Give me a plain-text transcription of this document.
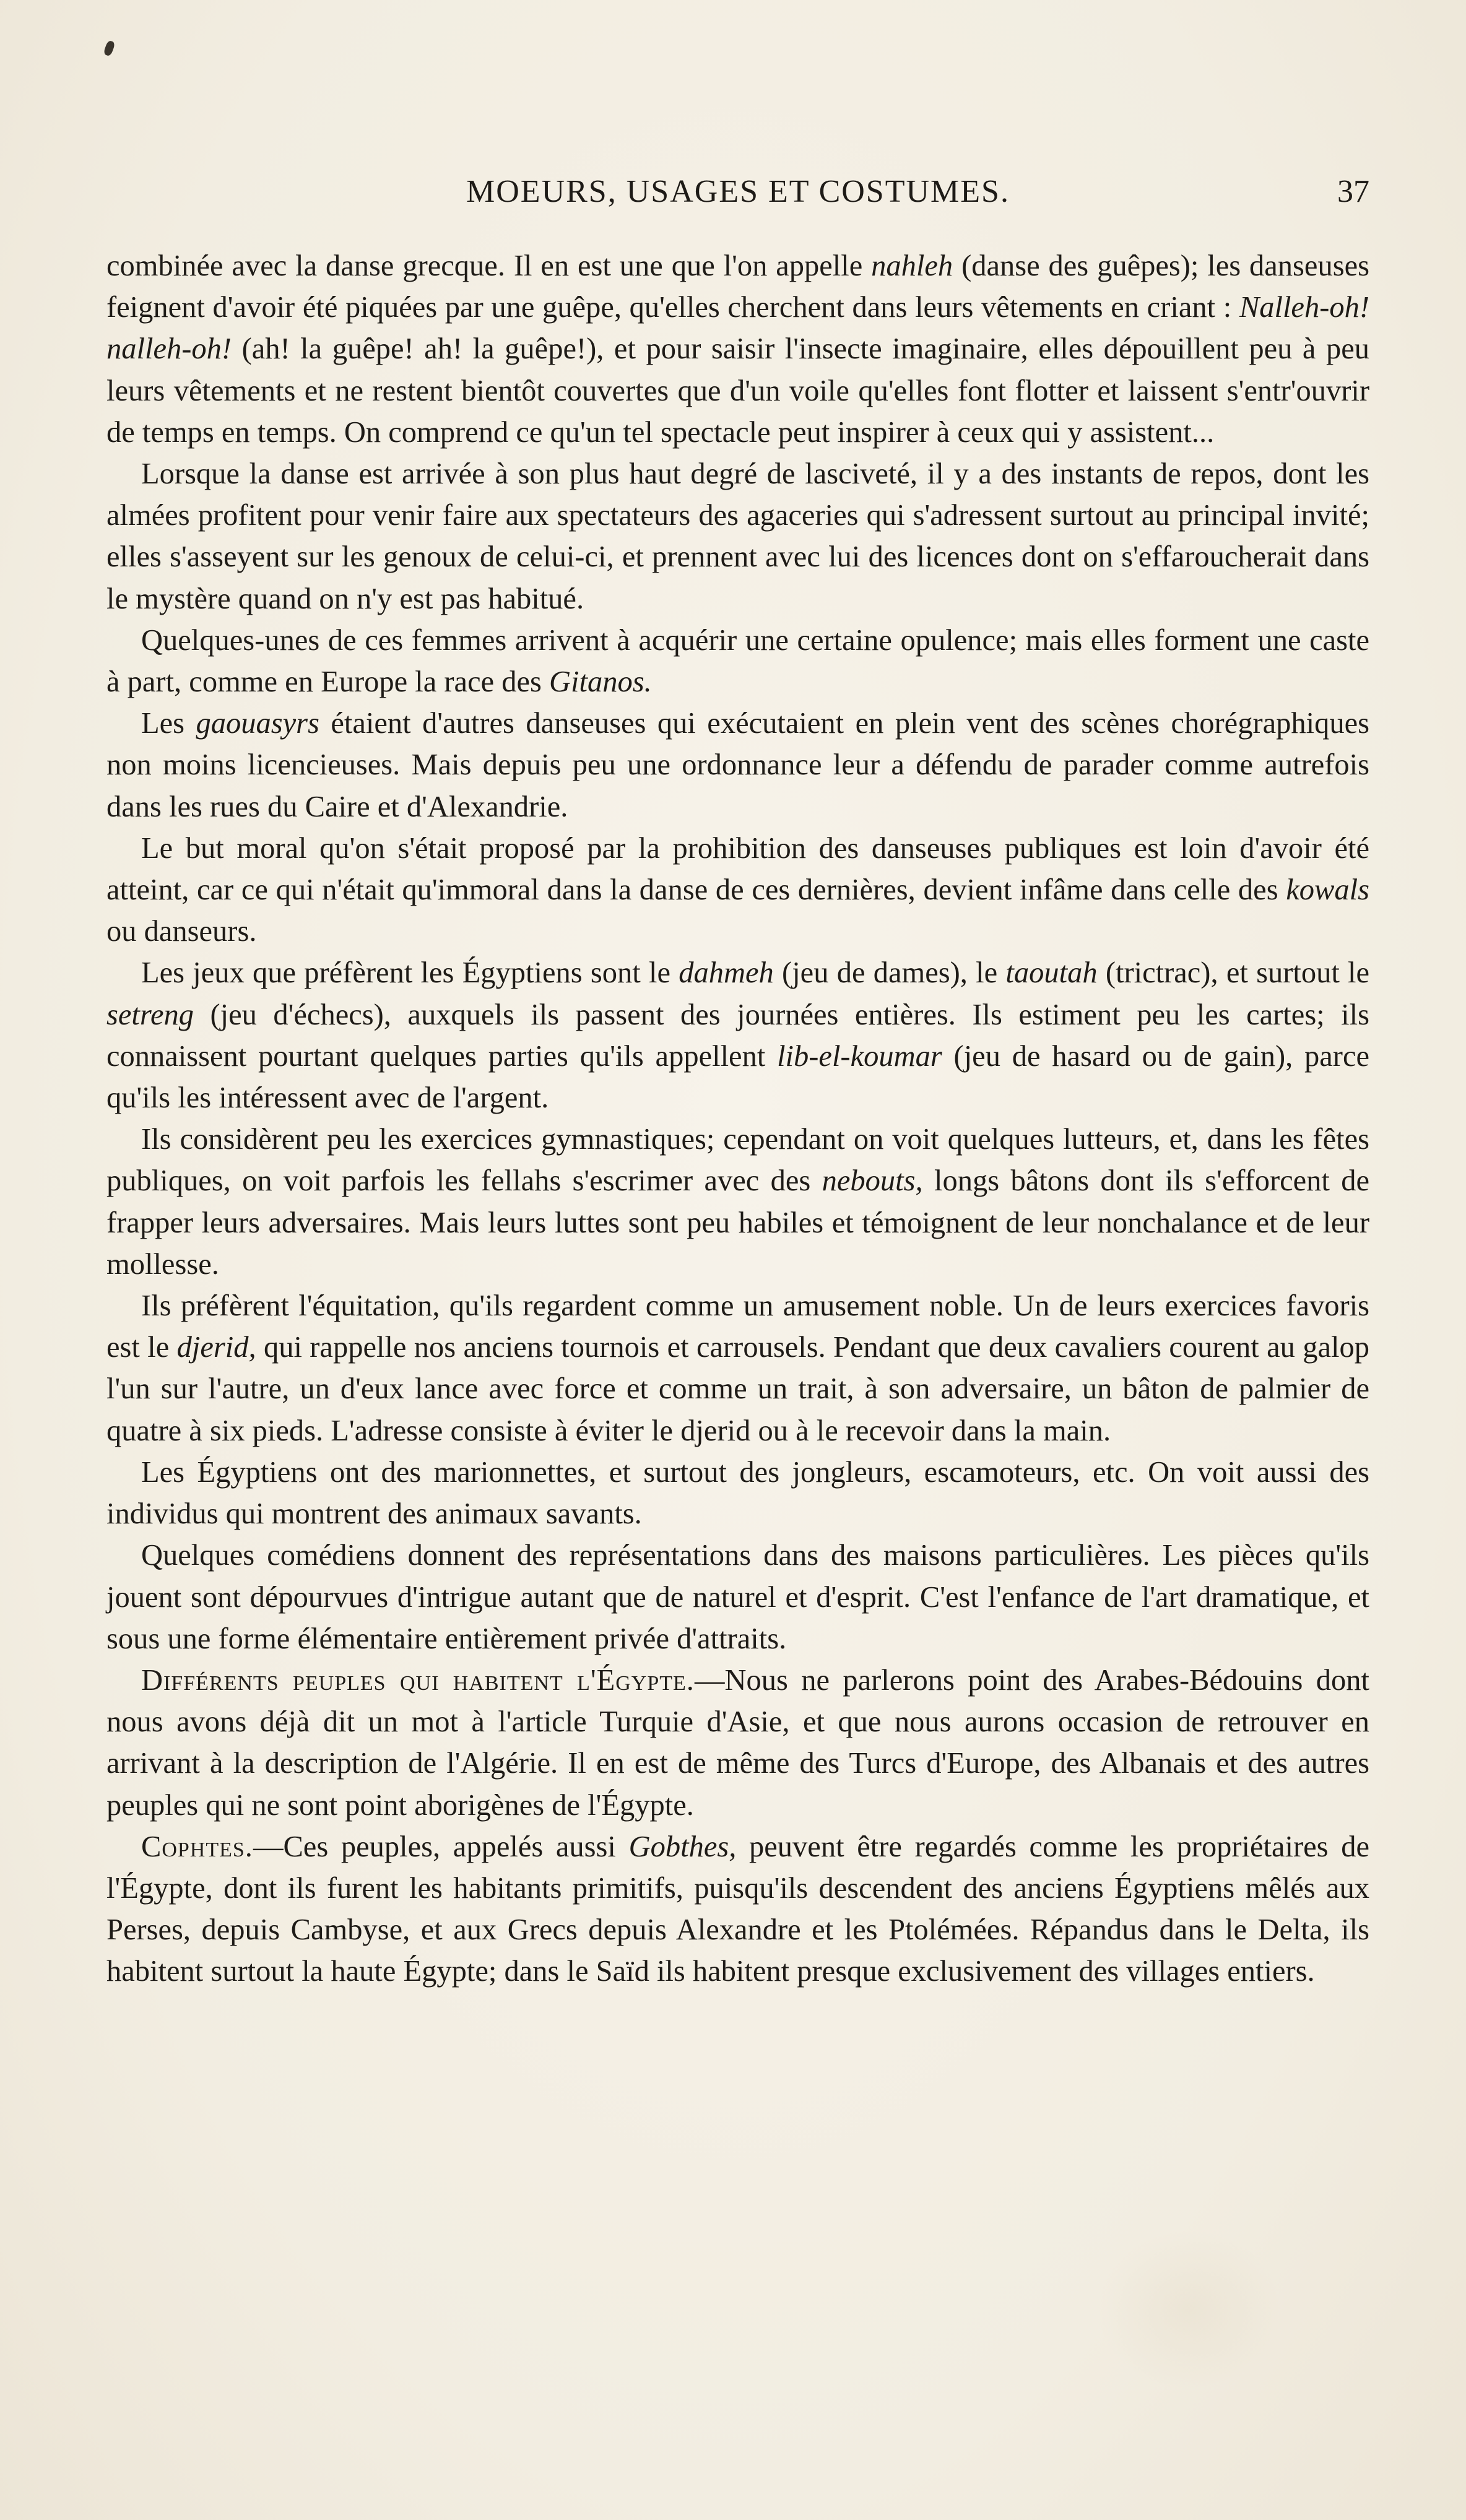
MOEURS, USAGES ET COSTUMES.	37

combinée avec la danse grecque. Il en est une que l'on appelle nahleh (danse des guêpes); les danseuses feignent d'avoir été piquées par une guêpe, qu'elles cherchent dans leurs vêtements en criant : Nalleh-oh! nalleh-oh! (ah! la guêpe! ah! la guêpe!), et pour saisir l'insecte imaginaire, elles dépouillent peu à peu leurs vêtements et ne restent bientôt couvertes que d'un voile qu'elles font flotter et laissent s'entr'ouvrir de temps en temps. On comprend ce qu'un tel spectacle peut inspirer à ceux qui y assistent...

Lorsque la danse est arrivée à son plus haut degré de lasciveté, il y a des instants de repos, dont les almées profitent pour venir faire aux spectateurs des agaceries qui s'adressent surtout au principal invité; elles s'asseyent sur les genoux de celui-ci, et prennent avec lui des licences dont on s'effaroucherait dans le mystère quand on n'y est pas habitué.

Quelques-unes de ces femmes arrivent à acquérir une certaine opulence; mais elles forment une caste à part, comme en Europe la race des Gitanos.

Les gaouasyrs étaient d'autres danseuses qui exécutaient en plein vent des scènes chorégraphiques non moins licencieuses. Mais depuis peu une ordonnance leur a défendu de parader comme autrefois dans les rues du Caire et d'Alexandrie.

Le but moral qu'on s'était proposé par la prohibition des danseuses publiques est loin d'avoir été atteint, car ce qui n'était qu'immoral dans la danse de ces dernières, devient infâme dans celle des kowals ou danseurs.

Les jeux que préfèrent les Égyptiens sont le dahmeh (jeu de dames), le taoutah (trictrac), et surtout le setreng (jeu d'échecs), auxquels ils passent des journées entières. Ils estiment peu les cartes; ils connaissent pourtant quelques parties qu'ils appellent lib-el-koumar (jeu de hasard ou de gain), parce qu'ils les intéressent avec de l'argent.

Ils considèrent peu les exercices gymnastiques; cependant on voit quelques lutteurs, et, dans les fêtes publiques, on voit parfois les fellahs s'escrimer avec des nebouts, longs bâtons dont ils s'efforcent de frapper leurs adversaires. Mais leurs luttes sont peu habiles et témoignent de leur nonchalance et de leur mollesse.

Ils préfèrent l'équitation, qu'ils regardent comme un amusement noble. Un de leurs exercices favoris est le djerid, qui rappelle nos anciens tournois et carrousels. Pendant que deux cavaliers courent au galop l'un sur l'autre, un d'eux lance avec force et comme un trait, à son adversaire, un bâton de palmier de quatre à six pieds. L'adresse consiste à éviter le djerid ou à le recevoir dans la main.

Les Égyptiens ont des marionnettes, et surtout des jongleurs, escamoteurs, etc. On voit aussi des individus qui montrent des animaux savants.

Quelques comédiens donnent des représentations dans des maisons particulières. Les pièces qu'ils jouent sont dépourvues d'intrigue autant que de naturel et d'esprit. C'est l'enfance de l'art dramatique, et sous une forme élémentaire entièrement privée d'attraits.

Différents peuples qui habitent l'Égypte.—Nous ne parlerons point des Arabes-Bédouins dont nous avons déjà dit un mot à l'article Turquie d'Asie, et que nous aurons occasion de retrouver en arrivant à la description de l'Algérie. Il en est de même des Turcs d'Europe, des Albanais et des autres peuples qui ne sont point aborigènes de l'Égypte.

Cophtes.—Ces peuples, appelés aussi Gobthes, peuvent être regardés comme les propriétaires de l'Égypte, dont ils furent les habitants primitifs, puisqu'ils descendent des anciens Égyptiens mêlés aux Perses, depuis Cambyse, et aux Grecs depuis Alexandre et les Ptolémées. Répandus dans le Delta, ils habitent surtout la haute Égypte; dans le Saïd ils habitent presque exclusivement des villages entiers.
